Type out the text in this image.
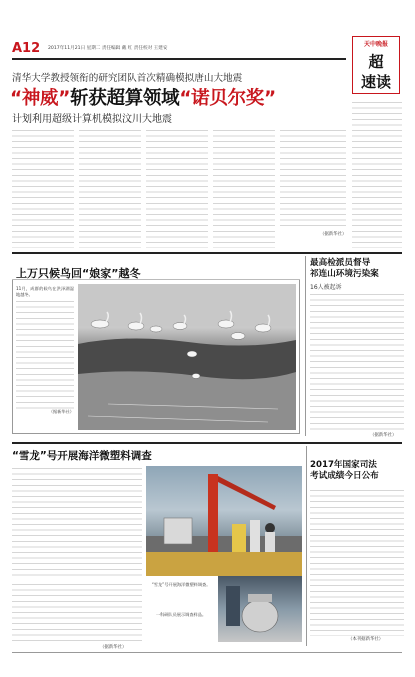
A12 2017年11月21日 星期二 责任编辑 戴 红 责任校对 王建安
天中晚报
超
速读
清华大学教授领衔的研究团队首次精确模拟唐山大地震
“神威”斩获超算领域“诺贝尔奖”
计划利用超级计算机模拟汶川大地震
（据新华社）
上万只候鸟回“娘家”越冬
11月，成群的候鸟在洪泽湖湿地越冬。
（据新华社）
最高检派员督导
祁连山环境污染案
16人被起诉
（据新华社）
“雪龙”号开展海洋微塑料调查
（据新华社）
“雪龙”号开展海洋微塑料调查。
一科研队员展示调查样品。
2017年国家司法
考试成绩今日公布
（本刊据新华社）
